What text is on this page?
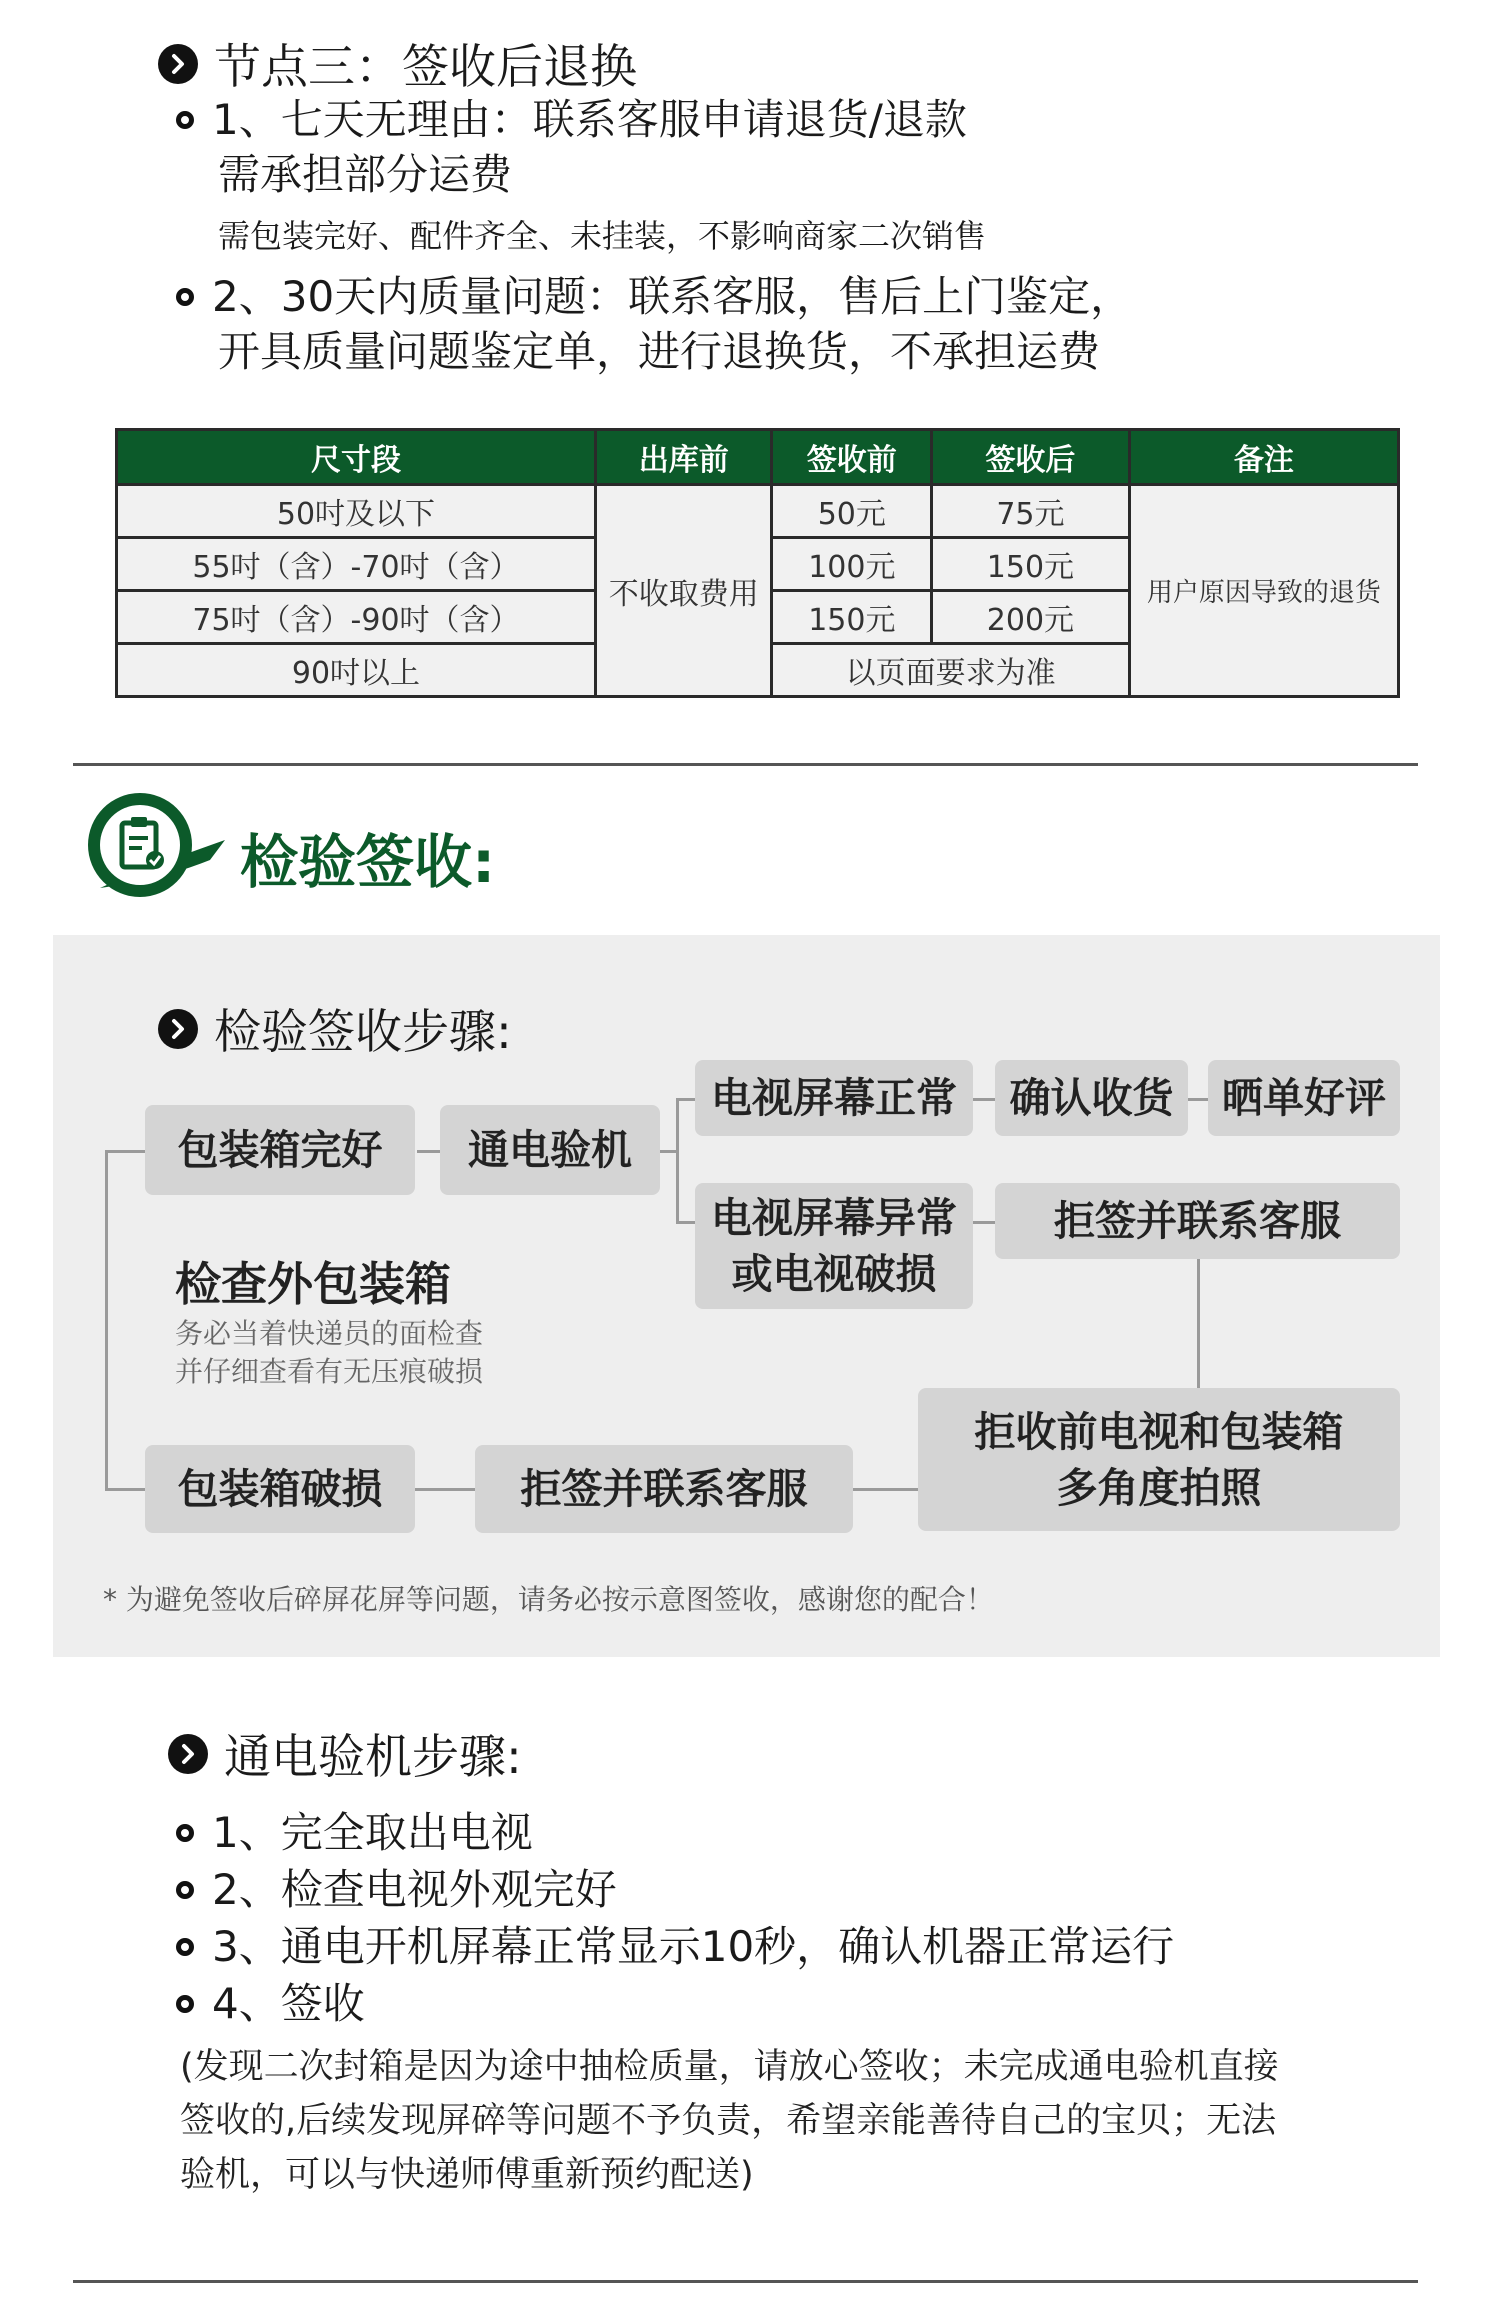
节点三：签收后退换
1、七天无理由：联系客服申请退货/退款
需承担部分运费
需包装完好、配件齐全、未挂装，不影响商家二次销售
2、30天内质量问题：联系客服，售后上门鉴定，
开具质量问题鉴定单，进行退换货，不承担运费
尺寸段	出库前	签收前	签收后	备注
50吋及以下	不收取费用	50元	75元	用户原因导致的退货
55吋（含）-70吋（含）		100元	150元	
75吋（含）-90吋（含）		150元	200元	
90吋以上		以页面要求为准		
检验签收:
检验签收步骤:
包装箱完好	通电验机
电视屏幕正常	确认收货	晒单好评
电视屏幕异常
或电视破损
拒签并联系客服
检查外包装箱
务必当着快递员的面检查
并仔细查看有无压痕破损
拒收前电视和包装箱
多角度拍照
包装箱破损	拒签并联系客服
* 为避免签收后碎屏花屏等问题，请务必按示意图签收，感谢您的配合！
通电验机步骤:
1、完全取出电视
2、检查电视外观完好
3、通电开机屏幕正常显示10秒，确认机器正常运行
4、签收
(发现二次封箱是因为途中抽检质量，请放心签收；未完成通电验机直接
签收的,后续发现屏碎等问题不予负责，希望亲能善待自己的宝贝；无法
验机，可以与快递师傅重新预约配送)
